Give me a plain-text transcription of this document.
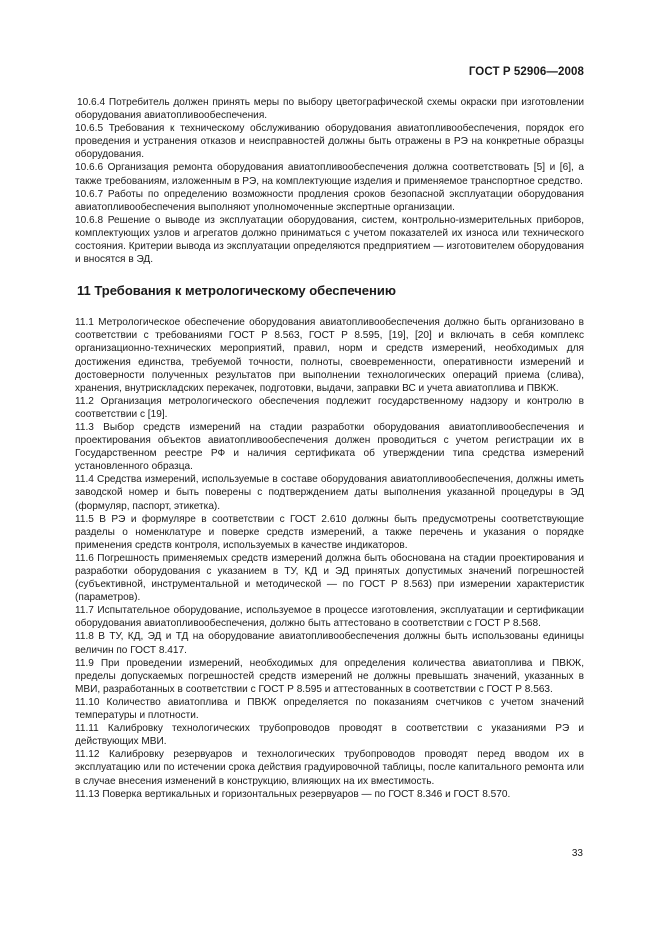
ГОСТ Р 52906—2008

10.6.4 Потребитель должен принять меры по выбору цветографической схемы окраски при изготовлении оборудования авиатопливообеспечения.

10.6.5 Требования к техническому обслуживанию оборудования авиатопливообеспечения, порядок его проведения и устранения отказов и неисправностей должны быть отражены в РЭ на конкретные образцы оборудования.

10.6.6 Организация ремонта оборудования авиатопливообеспечения должна соответствовать [5] и [6], а также требованиям, изложенным в РЭ, на комплектующие изделия и применяемое транспортное средство.

10.6.7 Работы по определению возможности продления сроков безопасной эксплуатации оборудования авиатопливообеспечения выполняют уполномоченные экспертные организации.

10.6.8 Решение о выводе из эксплуатации оборудования, систем, контрольно-измерительных приборов, комплектующих узлов и агрегатов должно приниматься с учетом показателей их износа или технического состояния. Критерии вывода из эксплуатации определяются предприятием — изготовителем оборудования и вносятся в ЭД.

11 Требования к метрологическому обеспечению

11.1 Метрологическое обеспечение оборудования авиатопливообеспечения должно быть организовано в соответствии с требованиями ГОСТ Р 8.563, ГОСТ Р 8.595, [19], [20] и включать в себя комплекс организационно-технических мероприятий, правил, норм и средств измерений, необходимых для достижения единства, требуемой точности, полноты, своевременности, оперативности измерений и достоверности полученных результатов при выполнении технологических операций приема (слива), хранения, внутрискладских перекачек, подготовки, выдачи, заправки ВС и учета авиатоплива и ПВКЖ.

11.2 Организация метрологического обеспечения подлежит государственному надзору и контролю в соответствии с [19].

11.3 Выбор средств измерений на стадии разработки оборудования авиатопливообеспечения и проектирования объектов авиатопливообеспечения должен проводиться с учетом регистрации их в Государственном реестре РФ и наличия сертификата об утверждении типа средства измерений установленного образца.

11.4 Средства измерений, используемые в составе оборудования авиатопливообеспечения, должны иметь заводской номер и быть поверены с подтверждением даты выполнения указанной процедуры в ЭД (формуляр, паспорт, этикетка).

11.5 В РЭ и формуляре в соответствии с ГОСТ 2.610 должны быть предусмотрены соответствующие разделы о номенклатуре и поверке средств измерений, а также перечень и указания о порядке применения средств контроля, используемых в качестве индикаторов.

11.6 Погрешность применяемых средств измерений должна быть обоснована на стадии проектирования и разработки оборудования с указанием в ТУ, КД и ЭД принятых допустимых значений погрешностей (субъективной, инструментальной и методической — по ГОСТ Р 8.563) при измерении характеристик (параметров).

11.7 Испытательное оборудование, используемое в процессе изготовления, эксплуатации и сертификации оборудования авиатопливообеспечения, должно быть аттестовано в соответствии с ГОСТ Р 8.568.

11.8 В ТУ, КД, ЭД и ТД на оборудование авиатопливообеспечения должны быть использованы единицы величин по ГОСТ 8.417.

11.9 При проведении измерений, необходимых для определения количества авиатоплива и ПВКЖ, пределы допускаемых погрешностей средств измерений не должны превышать значений, указанных в МВИ, разработанных в соответствии с ГОСТ Р 8.595 и аттестованных в соответствии с ГОСТ Р 8.563.

11.10 Количество авиатоплива и ПВКЖ определяется по показаниям счетчиков с учетом значений температуры и плотности.

11.11 Калибровку технологических трубопроводов проводят в соответствии с указаниями РЭ и действующих МВИ.

11.12 Калибровку резервуаров и технологических трубопроводов проводят перед вводом их в эксплуатацию или по истечении срока действия градуировочной таблицы, после капитального ремонта или в случае внесения изменений в конструкцию, влияющих на их вместимость.

11.13 Поверка вертикальных и горизонтальных резервуаров — по ГОСТ 8.346 и ГОСТ 8.570.

33
